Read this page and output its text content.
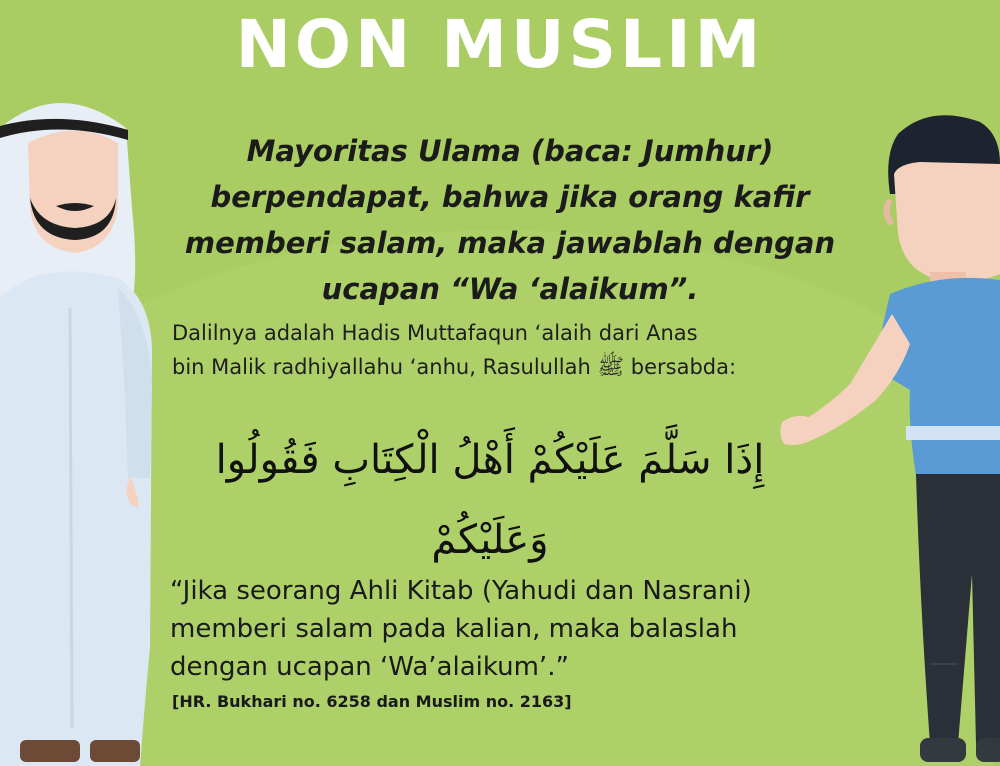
NON MUSLIM
Mayoritas Ulama (baca: Jumhur) berpendapat, bahwa jika orang kafir memberi salam, maka jawablah dengan ucapan “Wa ‘alaikum”.
Dalilnya adalah Hadis Muttafaqun ‘alaih dari Anas
bin Malik radhiyallahu ‘anhu, Rasulullah ﷺ bersabda:
إِذَا سَلَّمَ عَلَيْكُمْ أَهْلُ الْكِتَابِ فَقُولُوا وَعَلَيْكُمْ
“Jika seorang Ahli Kitab (Yahudi dan Nasrani)
memberi salam pada kalian, maka balaslah
dengan ucapan ‘Wa’alaikum’.”
[HR. Bukhari no. 6258 dan Muslim no. 2163]
